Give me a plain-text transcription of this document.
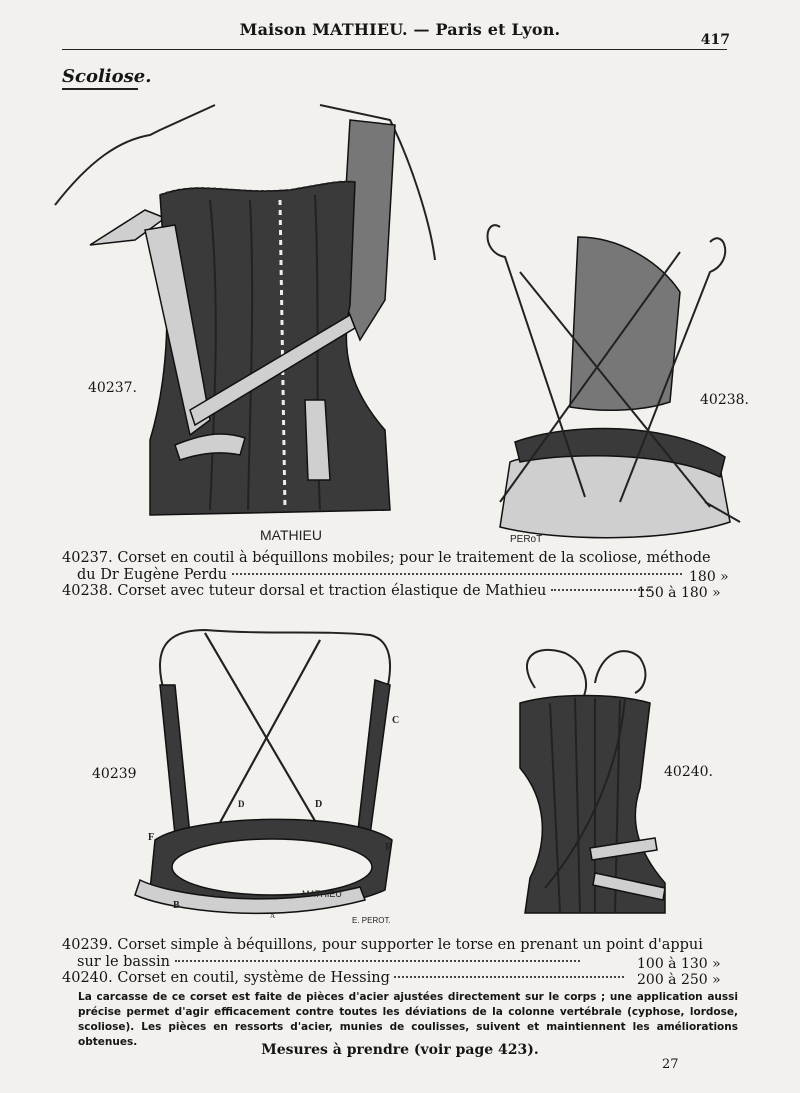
Maison MATHIEU. — Paris et Lyon.
417
Scoliose.
MATHIEU
40237.
PERoT
40238.
40237. Corset en coutil à béquillons mobiles; pour le traitement de la scoliose, méthode
du Dr Eugène Perdu	180 »
40238. Corset avec tuteur dorsal et traction élastique de Mathieu	150 à 180 »
MATHIEU
C
D	D
F
F
B
A	E. PEROT.
40239	40240.
40239. Corset simple à béquillons, pour supporter le torse en prenant un point d'appui
sur le bassin	100 à 130 »
40240. Corset en coutil, système de Hessing	200 à 250 »
La carcasse de ce corset est faite de pièces d'acier ajustées directement sur le corps ; une application aussi précise permet d'agir efficacement contre toutes les déviations de la colonne vertébrale (cyphose, lordose, scoliose). Les pièces en ressorts d'acier, munies de coulisses, suivent et maintiennent les améliorations obtenues.	Mesures à prendre (voir page 423).
27
